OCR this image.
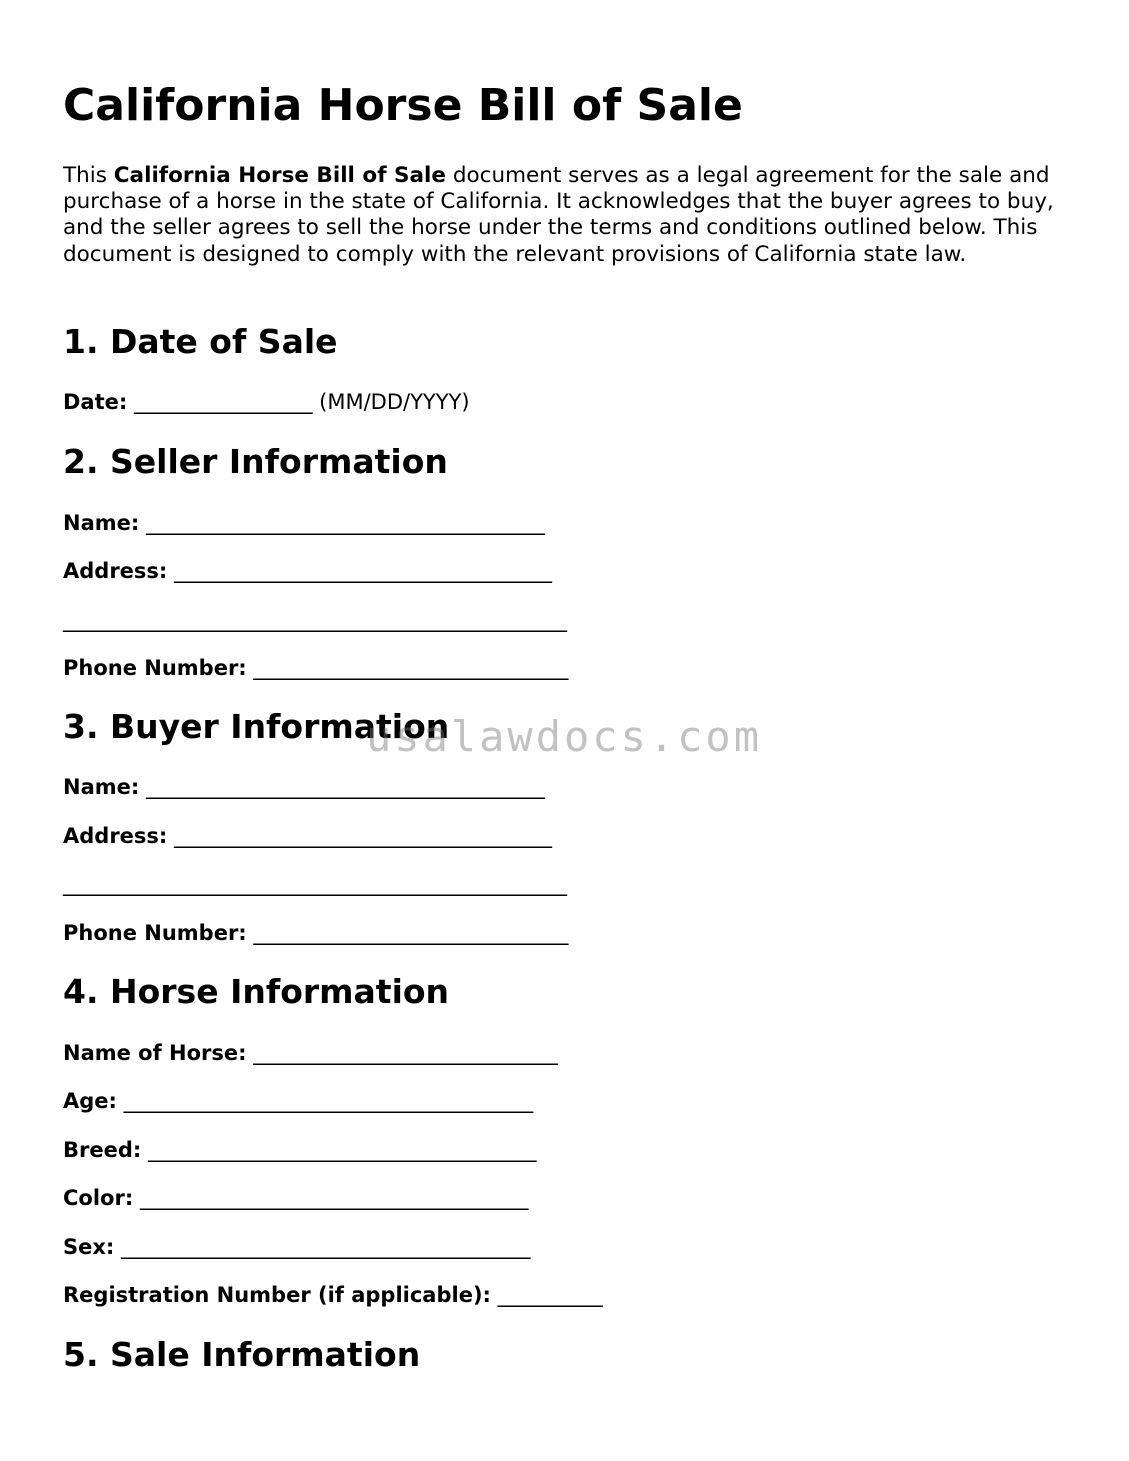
California Horse Bill of Sale

This California Horse Bill of Sale document serves as a legal agreement for the sale and purchase of a horse in the state of California. It acknowledges that the buyer agrees to buy, and the seller agrees to sell the horse under the terms and conditions outlined below. This document is designed to comply with the relevant provisions of California state law.

1. Date of Sale

Date: _________________ (MM/DD/YYYY)

2. Seller Information

Name: ______________________________________

Address: ____________________________________

________________________________________________

Phone Number: ______________________________

3. Buyer Information

Name: ______________________________________

Address: ____________________________________

________________________________________________

Phone Number: ______________________________

4. Horse Information

Name of Horse: _____________________________

Age: _______________________________________

Breed: _____________________________________

Color: _____________________________________

Sex: _______________________________________

Registration Number (if applicable): __________

5. Sale Information
usalawdocs.com
